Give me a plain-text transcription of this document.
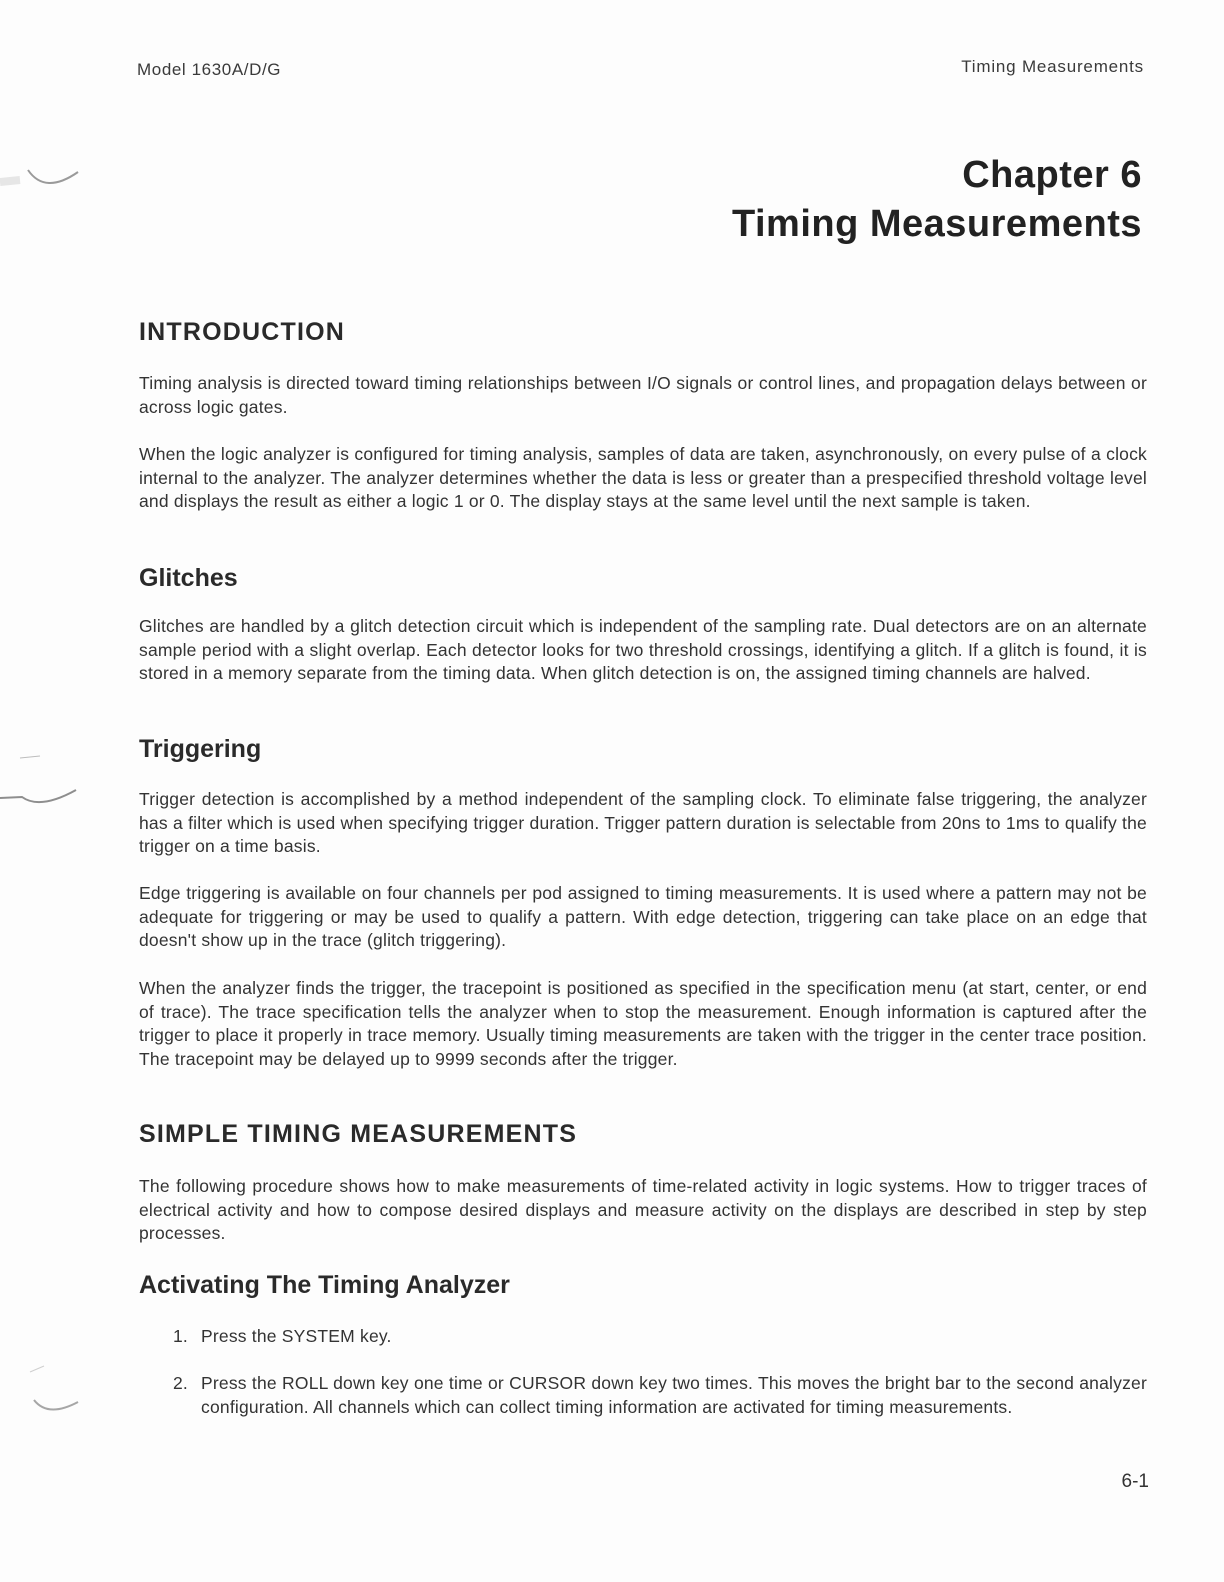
Model 1630A/D/G	Timing Measurements
Chapter 6
Timing Measurements
INTRODUCTION

Timing analysis is directed toward timing relationships between I/O signals or control lines, and propagation delays between or across logic gates.

When the logic analyzer is configured for timing analysis, samples of data are taken, asynchronously, on every pulse of a clock internal to the analyzer. The analyzer determines whether the data is less or greater than a prespecified threshold voltage level and displays the result as either a logic 1 or 0. The display stays at the same level until the next sample is taken.

Glitches

Glitches are handled by a glitch detection circuit which is independent of the sampling rate. Dual detectors are on an alternate sample period with a slight overlap. Each detector looks for two threshold crossings, identifying a glitch. If a glitch is found, it is stored in a memory separate from the timing data. When glitch detection is on, the assigned timing channels are halved.

Triggering

Trigger detection is accomplished by a method independent of the sampling clock. To eliminate false triggering, the analyzer has a filter which is used when specifying trigger duration. Trigger pattern duration is selectable from 20ns to 1ms to qualify the trigger on a time basis.

Edge triggering is available on four channels per pod assigned to timing measurements. It is used where a pattern may not be adequate for triggering or may be used to qualify a pattern. With edge detection, triggering can take place on an edge that doesn't show up in the trace (glitch triggering).

When the analyzer finds the trigger, the tracepoint is positioned as specified in the specification menu (at start, center, or end of trace). The trace specification tells the analyzer when to stop the measurement. Enough information is captured after the trigger to place it properly in trace memory. Usually timing measurements are taken with the trigger in the center trace position. The tracepoint may be delayed up to 9999 seconds after the trigger.

SIMPLE TIMING MEASUREMENTS

The following procedure shows how to make measurements of time-related activity in logic systems. How to trigger traces of electrical activity and how to compose desired displays and measure activity on the displays are described in step by step processes.

Activating The Timing Analyzer
1. Press the SYSTEM key.
2. Press the ROLL down key one time or CURSOR down key two times. This moves the bright bar to the second analyzer configuration. All channels which can collect timing information are activated for timing measurements.
6-1
